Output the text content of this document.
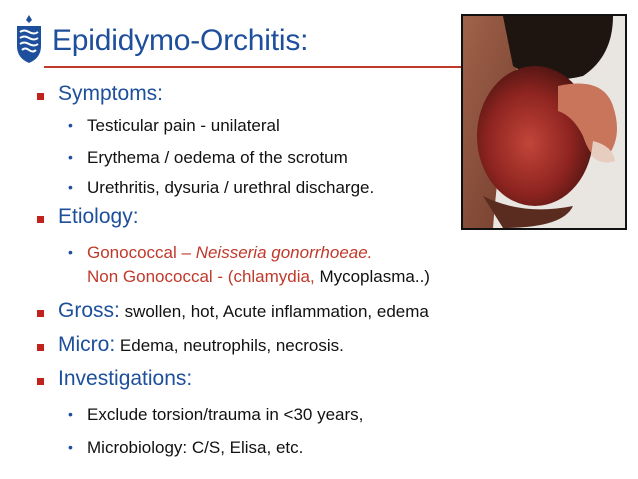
Epididymo-Orchitis:
Symptoms:
• Testicular pain - unilateral
• Erythema / oedema of the scrotum
• Urethritis, dysuria / urethral discharge.
Etiology:
• Gonococcal – Neisseria gonorrhoeae.
Non Gonococcal - (chlamydia, Mycoplasma..)
Gross: swollen, hot, Acute inflammation, edema
Micro: Edema, neutrophils, necrosis.
Investigations:
• Exclude torsion/trauma in <30 years,
• Microbiology: C/S, Elisa, etc.
